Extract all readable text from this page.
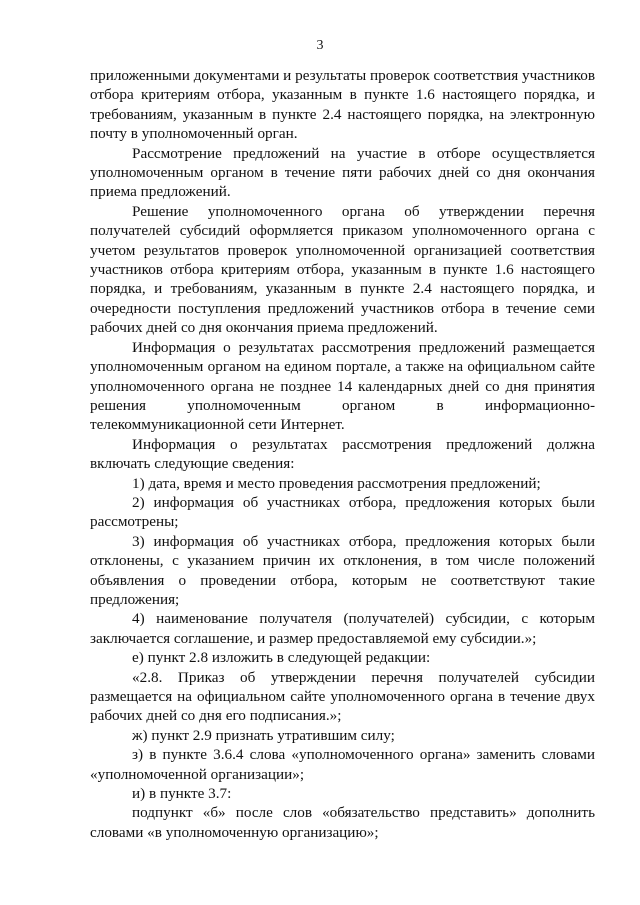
3

приложенными документами и результаты проверок соответствия участников отбора критериям отбора, указанным в пункте 1.6 настоящего порядка, и требованиям, указанным в пункте 2.4 настоящего порядка, на электронную почту в уполномоченный орган.

Рассмотрение предложений на участие в отборе осуществляется уполномоченным органом в течение пяти рабочих дней со дня окончания приема предложений.

Решение уполномоченного органа об утверждении перечня получателей субсидий оформляется приказом уполномоченного органа с учетом результатов проверок уполномоченной организацией соответствия участников отбора критериям отбора, указанным в пункте 1.6 настоящего порядка, и требованиям, указанным в пункте 2.4 настоящего порядка, и очередности поступления предложений участников отбора в течение семи рабочих дней со дня окончания приема предложений.

Информация о результатах рассмотрения предложений размещается уполномоченным органом на едином портале, а также на официальном сайте уполномоченного органа не позднее 14 календарных дней со дня принятия решения уполномоченным органом в информационно-телекоммуникационной сети Интернет.

Информация о результатах рассмотрения предложений должна включать следующие сведения:

1) дата, время и место проведения рассмотрения предложений;

2) информация об участниках отбора, предложения которых были рассмотрены;

3) информация об участниках отбора, предложения которых были отклонены, с указанием причин их отклонения, в том числе положений объявления о проведении отбора, которым не соответствуют такие предложения;

4) наименование получателя (получателей) субсидии, с которым заключается соглашение, и размер предоставляемой ему субсидии.»;

е) пункт 2.8 изложить в следующей редакции:

«2.8. Приказ об утверждении перечня получателей субсидии размещается на официальном сайте уполномоченного органа в течение двух рабочих дней со дня его подписания.»;

ж) пункт 2.9 признать утратившим силу;

з) в пункте 3.6.4 слова «уполномоченного органа» заменить словами «уполномоченной организации»;

и) в пункте 3.7:

подпункт «б» после слов «обязательство представить» дополнить словами «в уполномоченную организацию»;
